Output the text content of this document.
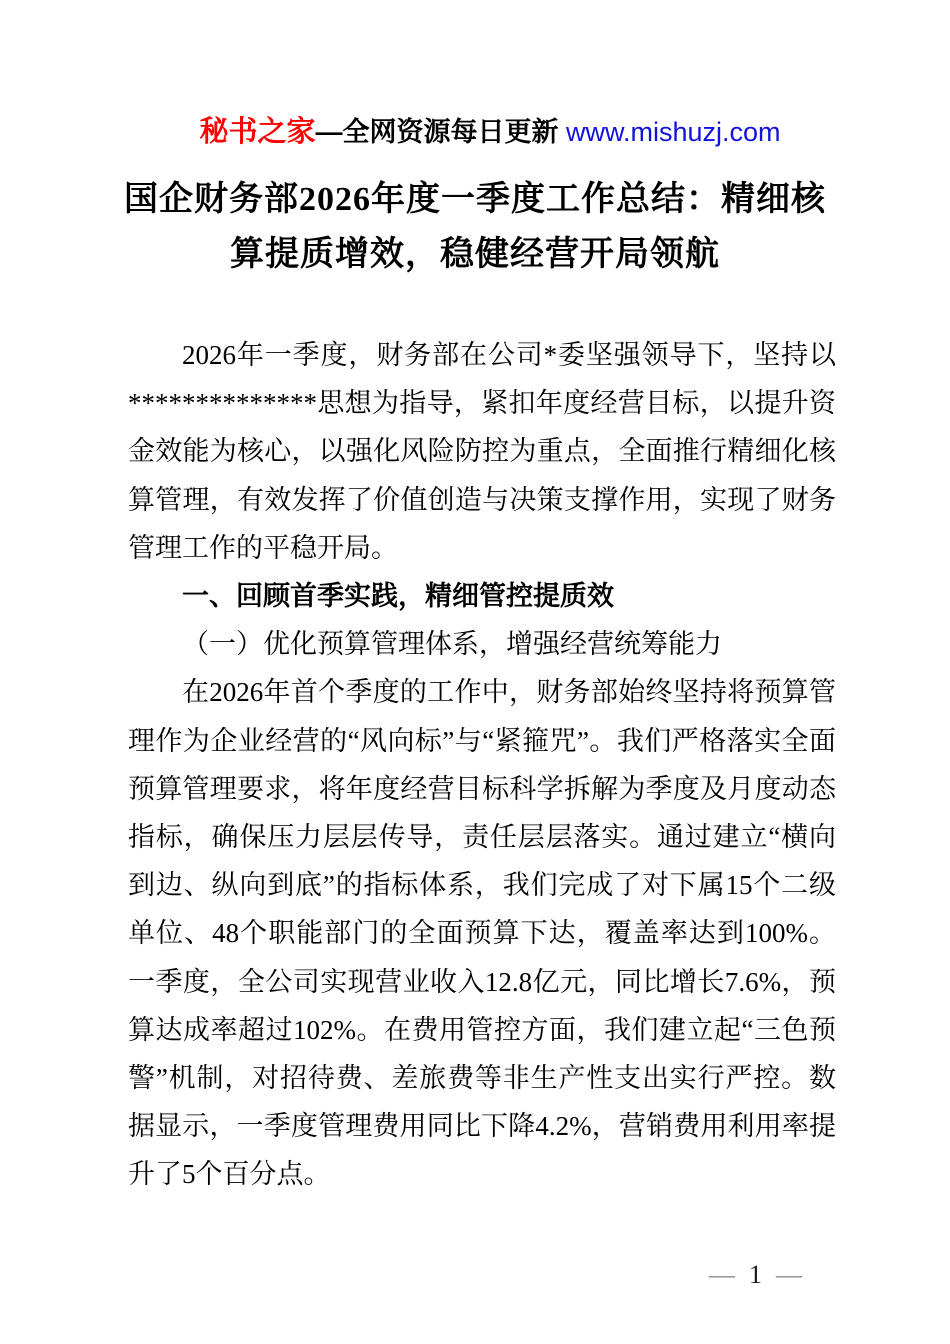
秘书之家—全网资源每日更新 www.mishuzj.com

国企财务部2026年度一季度工作总结：精细核算提质增效，稳健经营开局领航

2026年一季度，财务部在公司*委坚强领导下，坚持以**************思想为指导，紧扣年度经营目标，以提升资金效能为核心，以强化风险防控为重点，全面推行精细化核算管理，有效发挥了价值创造与决策支撑作用，实现了财务管理工作的平稳开局。

一、回顾首季实践，精细管控提质效

（一）优化预算管理体系，增强经营统筹能力

在2026年首个季度的工作中，财务部始终坚持将预算管理作为企业经营的“风向标”与“紧箍咒”。我们严格落实全面预算管理要求，将年度经营目标科学拆解为季度及月度动态指标，确保压力层层传导，责任层层落实。通过建立“横向到边、纵向到底”的指标体系，我们完成了对下属15个二级单位、48个职能部门的全面预算下达，覆盖率达到100%。一季度，全公司实现营业收入12.8亿元，同比增长7.6%，预算达成率超过102%。在费用管控方面，我们建立起“三色预警”机制，对招待费、差旅费等非生产性支出实行严控。数据显示，一季度管理费用同比下降4.2%，营销费用利用率提升了5个百分点。

— 1 —
